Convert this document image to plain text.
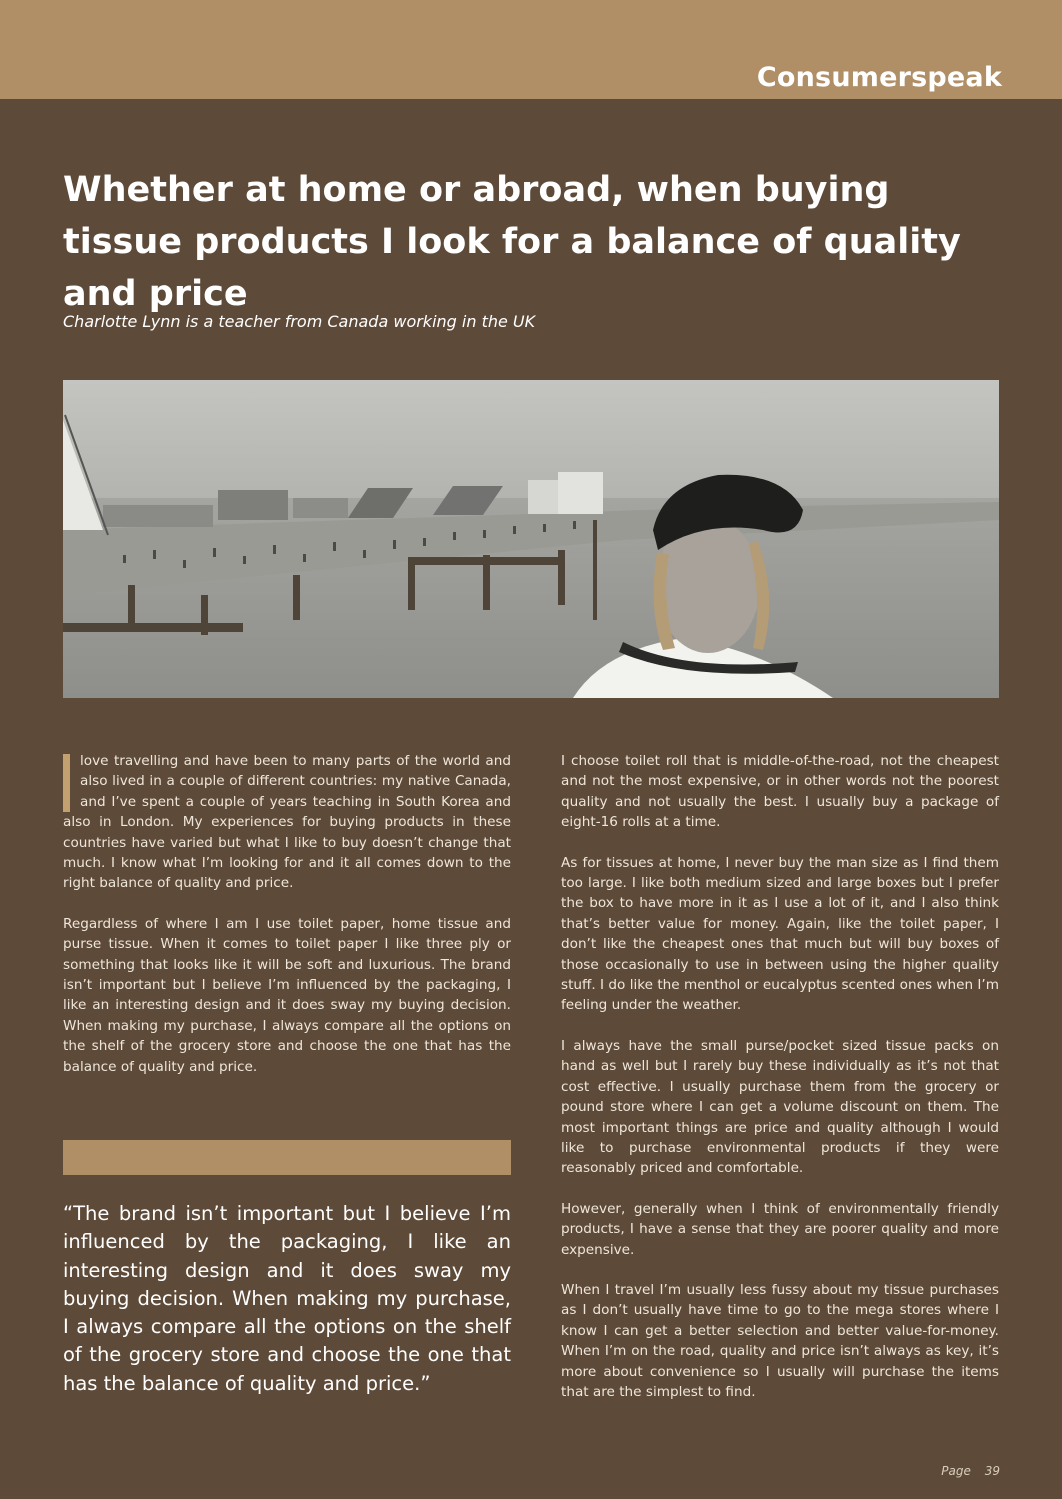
Consumerspeak
Whether at home or abroad, when buying tissue products I look for a balance of quality and price
Charlotte Lynn is a teacher from Canada working in the UK

love travelling and have been to many parts of the world and also lived in a couple of different countries: my native Canada, and I’ve spent a couple of years teaching in South Korea and also in London. My experiences for buying products in these countries have varied but what I like to buy doesn’t change that much. I know what I’m looking for and it all comes down to the right balance of quality and price.

Regardless of where I am I use toilet paper, home tissue and purse tissue. When it comes to toilet paper I like three ply or something that looks like it will be soft and luxurious. The brand isn’t important but I believe I’m influenced by the packaging, I like an interesting design and it does sway my buying decision. When making my purchase, I always compare all the options on the shelf of the grocery store and choose the one that has the balance of quality and price.

“The brand isn’t important but I believe I’m influenced by the packaging, I like an interesting design and it does sway my buying decision. When making my purchase, I always compare all the options on the shelf of the grocery store and choose the one that has the balance of quality and price.”

I choose toilet roll that is middle-of-the-road, not the cheapest and not the most expensive, or in other words not the poorest quality and not usually the best. I usually buy a package of eight-16 rolls at a time.

As for tissues at home, I never buy the man size as I find them too large. I like both medium sized and large boxes but I prefer the box to have more in it as I use a lot of it, and I also think that’s better value for money. Again, like the toilet paper, I don’t like the cheapest ones that much but will buy boxes of those occasionally to use in between using the higher quality stuff. I do like the menthol or eucalyptus scented ones when I’m feeling under the weather.

I always have the small purse/pocket sized tissue packs on hand as well but I rarely buy these individually as it’s not that cost effective. I usually purchase them from the grocery or pound store where I can get a volume discount on them. The most important things are price and quality although I would like to purchase environmental products if they were reasonably priced and comfortable.

However, generally when I think of environmentally friendly products, I have a sense that they are poorer quality and more expensive.

When I travel I’m usually less fussy about my tissue purchases as I don’t usually have time to go to the mega stores where I know I can get a better selection and better value-for-money. When I’m on the road, quality and price isn’t always as key, it’s more about convenience so I usually will purchase the items that are the simplest to find.

Page 39
